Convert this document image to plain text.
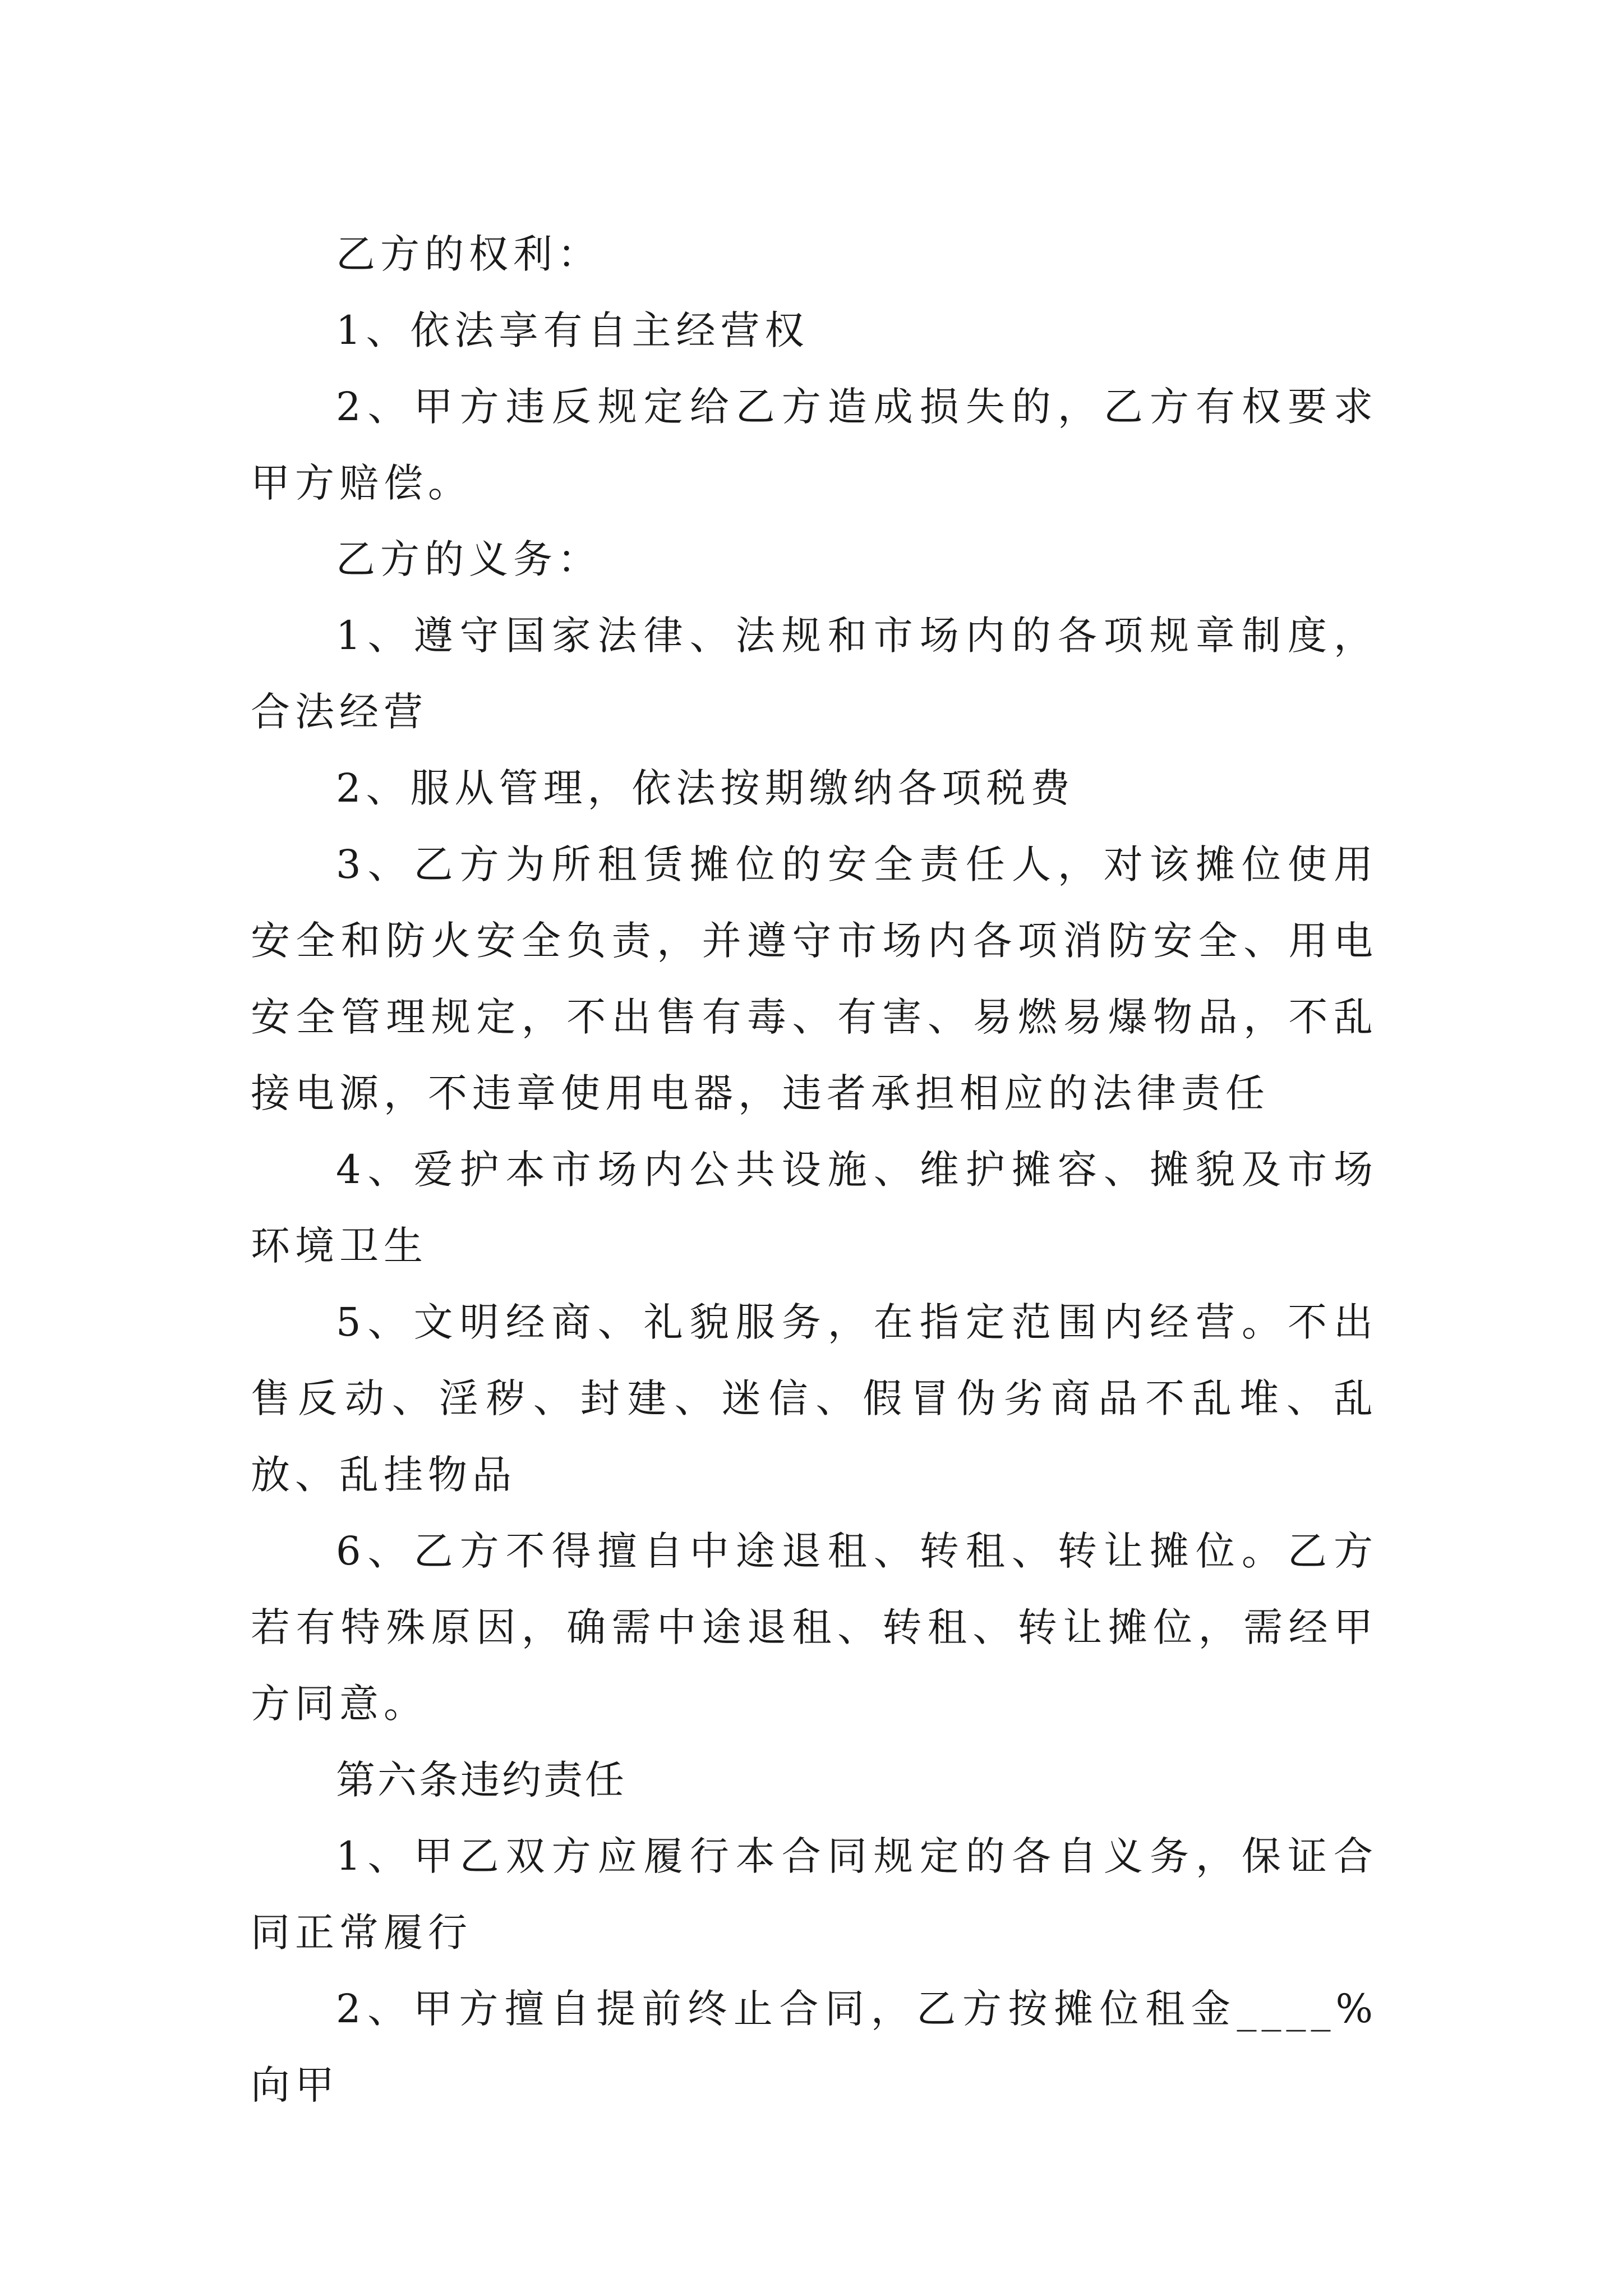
乙方的权利：

1、依法享有自主经营权

2、甲方违反规定给乙方造成损失的，乙方有权要求甲方赔偿。

乙方的义务：

1、遵守国家法律、法规和市场内的各项规章制度，合法经营

2、服从管理，依法按期缴纳各项税费

3、乙方为所租赁摊位的安全责任人，对该摊位使用安全和防火安全负责，并遵守市场内各项消防安全、用电安全管理规定，不出售有毒、有害、易燃易爆物品，不乱接电源，不违章使用电器，违者承担相应的法律责任

4、爱护本市场内公共设施、维护摊容、摊貌及市场环境卫生

5、文明经商、礼貌服务，在指定范围内经营。不出售反动、淫秽、封建、迷信、假冒伪劣商品不乱堆、乱放、乱挂物品

6、乙方不得擅自中途退租、转租、转让摊位。乙方若有特殊原因，确需中途退租、转租、转让摊位，需经甲方同意。

第六条违约责任

1、甲乙双方应履行本合同规定的各自义务，保证合同正常履行

2、甲方擅自提前终止合同，乙方按摊位租金____%向甲
